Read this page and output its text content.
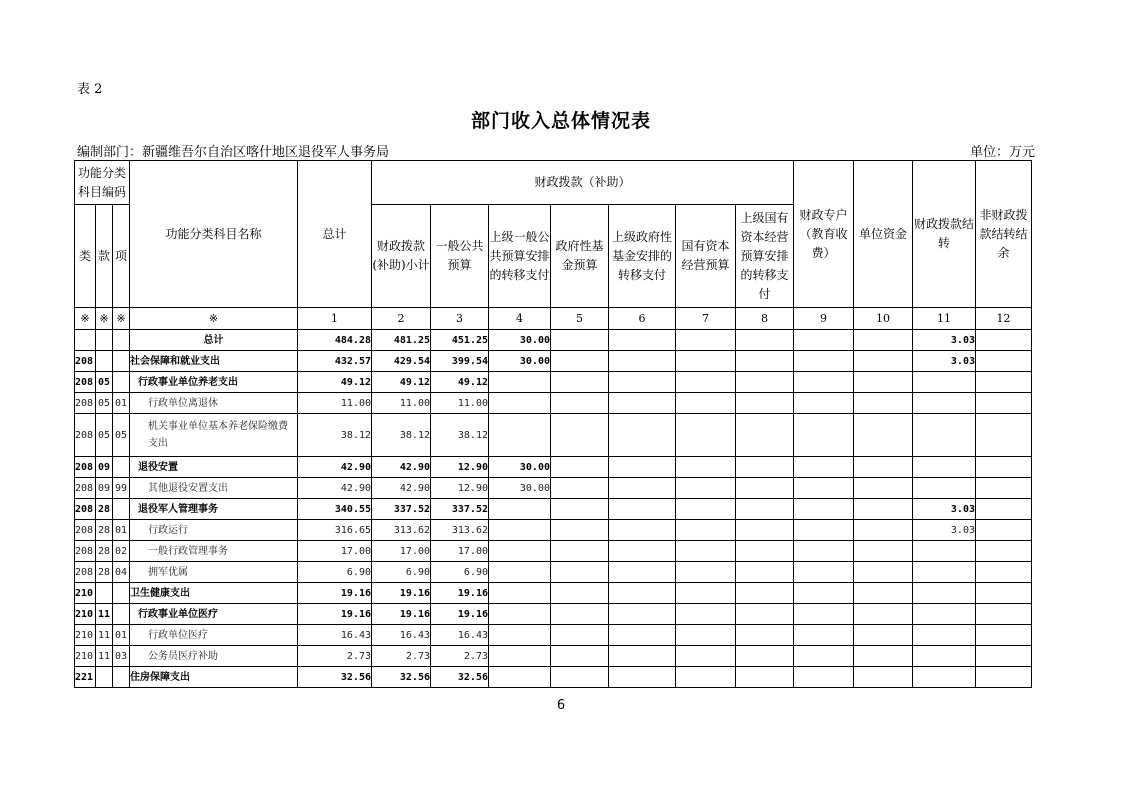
表 2
部门收入总体情况表
编制部门：新疆维吾尔自治区喀什地区退役军人事务局	单位：万元
功能分类科目编码			功能分类科目名称	总计	财政拨款（补助）							财政专户（教育收费）	单位资金	财政拨款结转	非财政拨款结转结余
类	款	项			财政拨款(补助)小计	一般公共预算	上级一般公共预算安排的转移支付	政府性基金预算	上级政府性基金安排的转移支付	国有资本经营预算	上级国有资本经营预算安排的转移支付				
※	※	※	※	1	2	3	4	5	6	7	8	9	10	11	12
			总计	484.28	481.25	451.25	30.00							3.03	
208			社会保障和就业支出	432.57	429.54	399.54	30.00							3.03	
208	05		行政事业单位养老支出	49.12	49.12	49.12									
208	05	01	行政单位离退休	11.00	11.00	11.00									
208	05	05	机关事业单位基本养老保险缴费支出	38.12	38.12	38.12									
208	09		退役安置	42.90	42.90	12.90	30.00								
208	09	99	其他退役安置支出	42.90	42.90	12.90	30.00								
208	28		退役军人管理事务	340.55	337.52	337.52								3.03	
208	28	01	行政运行	316.65	313.62	313.62								3.03	
208	28	02	一般行政管理事务	17.00	17.00	17.00									
208	28	04	拥军优属	6.90	6.90	6.90									
210			卫生健康支出	19.16	19.16	19.16									
210	11		行政事业单位医疗	19.16	19.16	19.16									
210	11	01	行政单位医疗	16.43	16.43	16.43									
210	11	03	公务员医疗补助	2.73	2.73	2.73									
221			住房保障支出	32.56	32.56	32.56									
6
